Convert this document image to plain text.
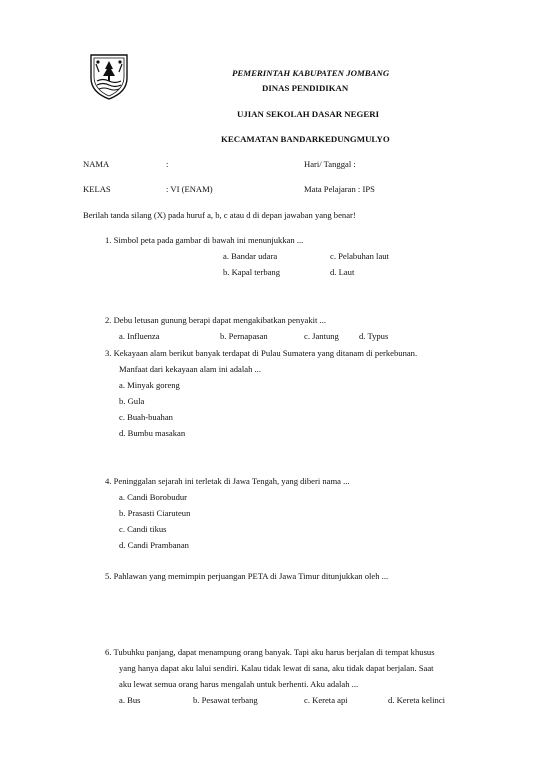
PEMERINTAH KABUPATEN JOMBANG
DINAS PENDIDIKAN
UJIAN SEKOLAH DASAR NEGERI
KECAMATAN BANDARKEDUNGMULYO
NAMA	:	Hari/ Tanggal :
KELAS	: VI (ENAM)	Mata Pelajaran : IPS
Berilah tanda silang (X) pada huruf a, b, c atau d di depan jawaban yang benar!
1. Simbol peta pada gambar di bawah ini menunjukkan ...
a. Bandar udara	c. Pelabuhan laut
b. Kapal terbang	d. Laut
2. Debu letusan gunung berapi dapat mengakibatkan penyakit ...
a. Influenza	b. Pernapasan	c. Jantung d. Typus
3. Kekayaan alam berikut banyak terdapat di Pulau Sumatera yang ditanam di perkebunan.
Manfaat dari kekayaan alam ini adalah ...
a. Minyak goreng
b. Gula
c. Buah-buahan
d. Bumbu masakan
4. Peninggalan sejarah ini terletak di Jawa Tengah, yang diberi nama ...
a. Candi Borobudur
b. Prasasti Ciaruteun
c. Candi tikus
d. Candi Prambanan
5. Pahlawan yang memimpin perjuangan PETA di Jawa Timur ditunjukkan oleh ...
6. Tubuhku panjang, dapat menampung orang banyak. Tapi aku harus berjalan di tempat khusus
yang hanya dapat aku lalui sendiri. Kalau tidak lewat di sana, aku tidak dapat berjalan. Saat
aku lewat semua orang harus mengalah untuk berhenti. Aku adalah ...
a. Bus	b. Pesawat terbang	c. Kereta api	d. Kereta kelinci
